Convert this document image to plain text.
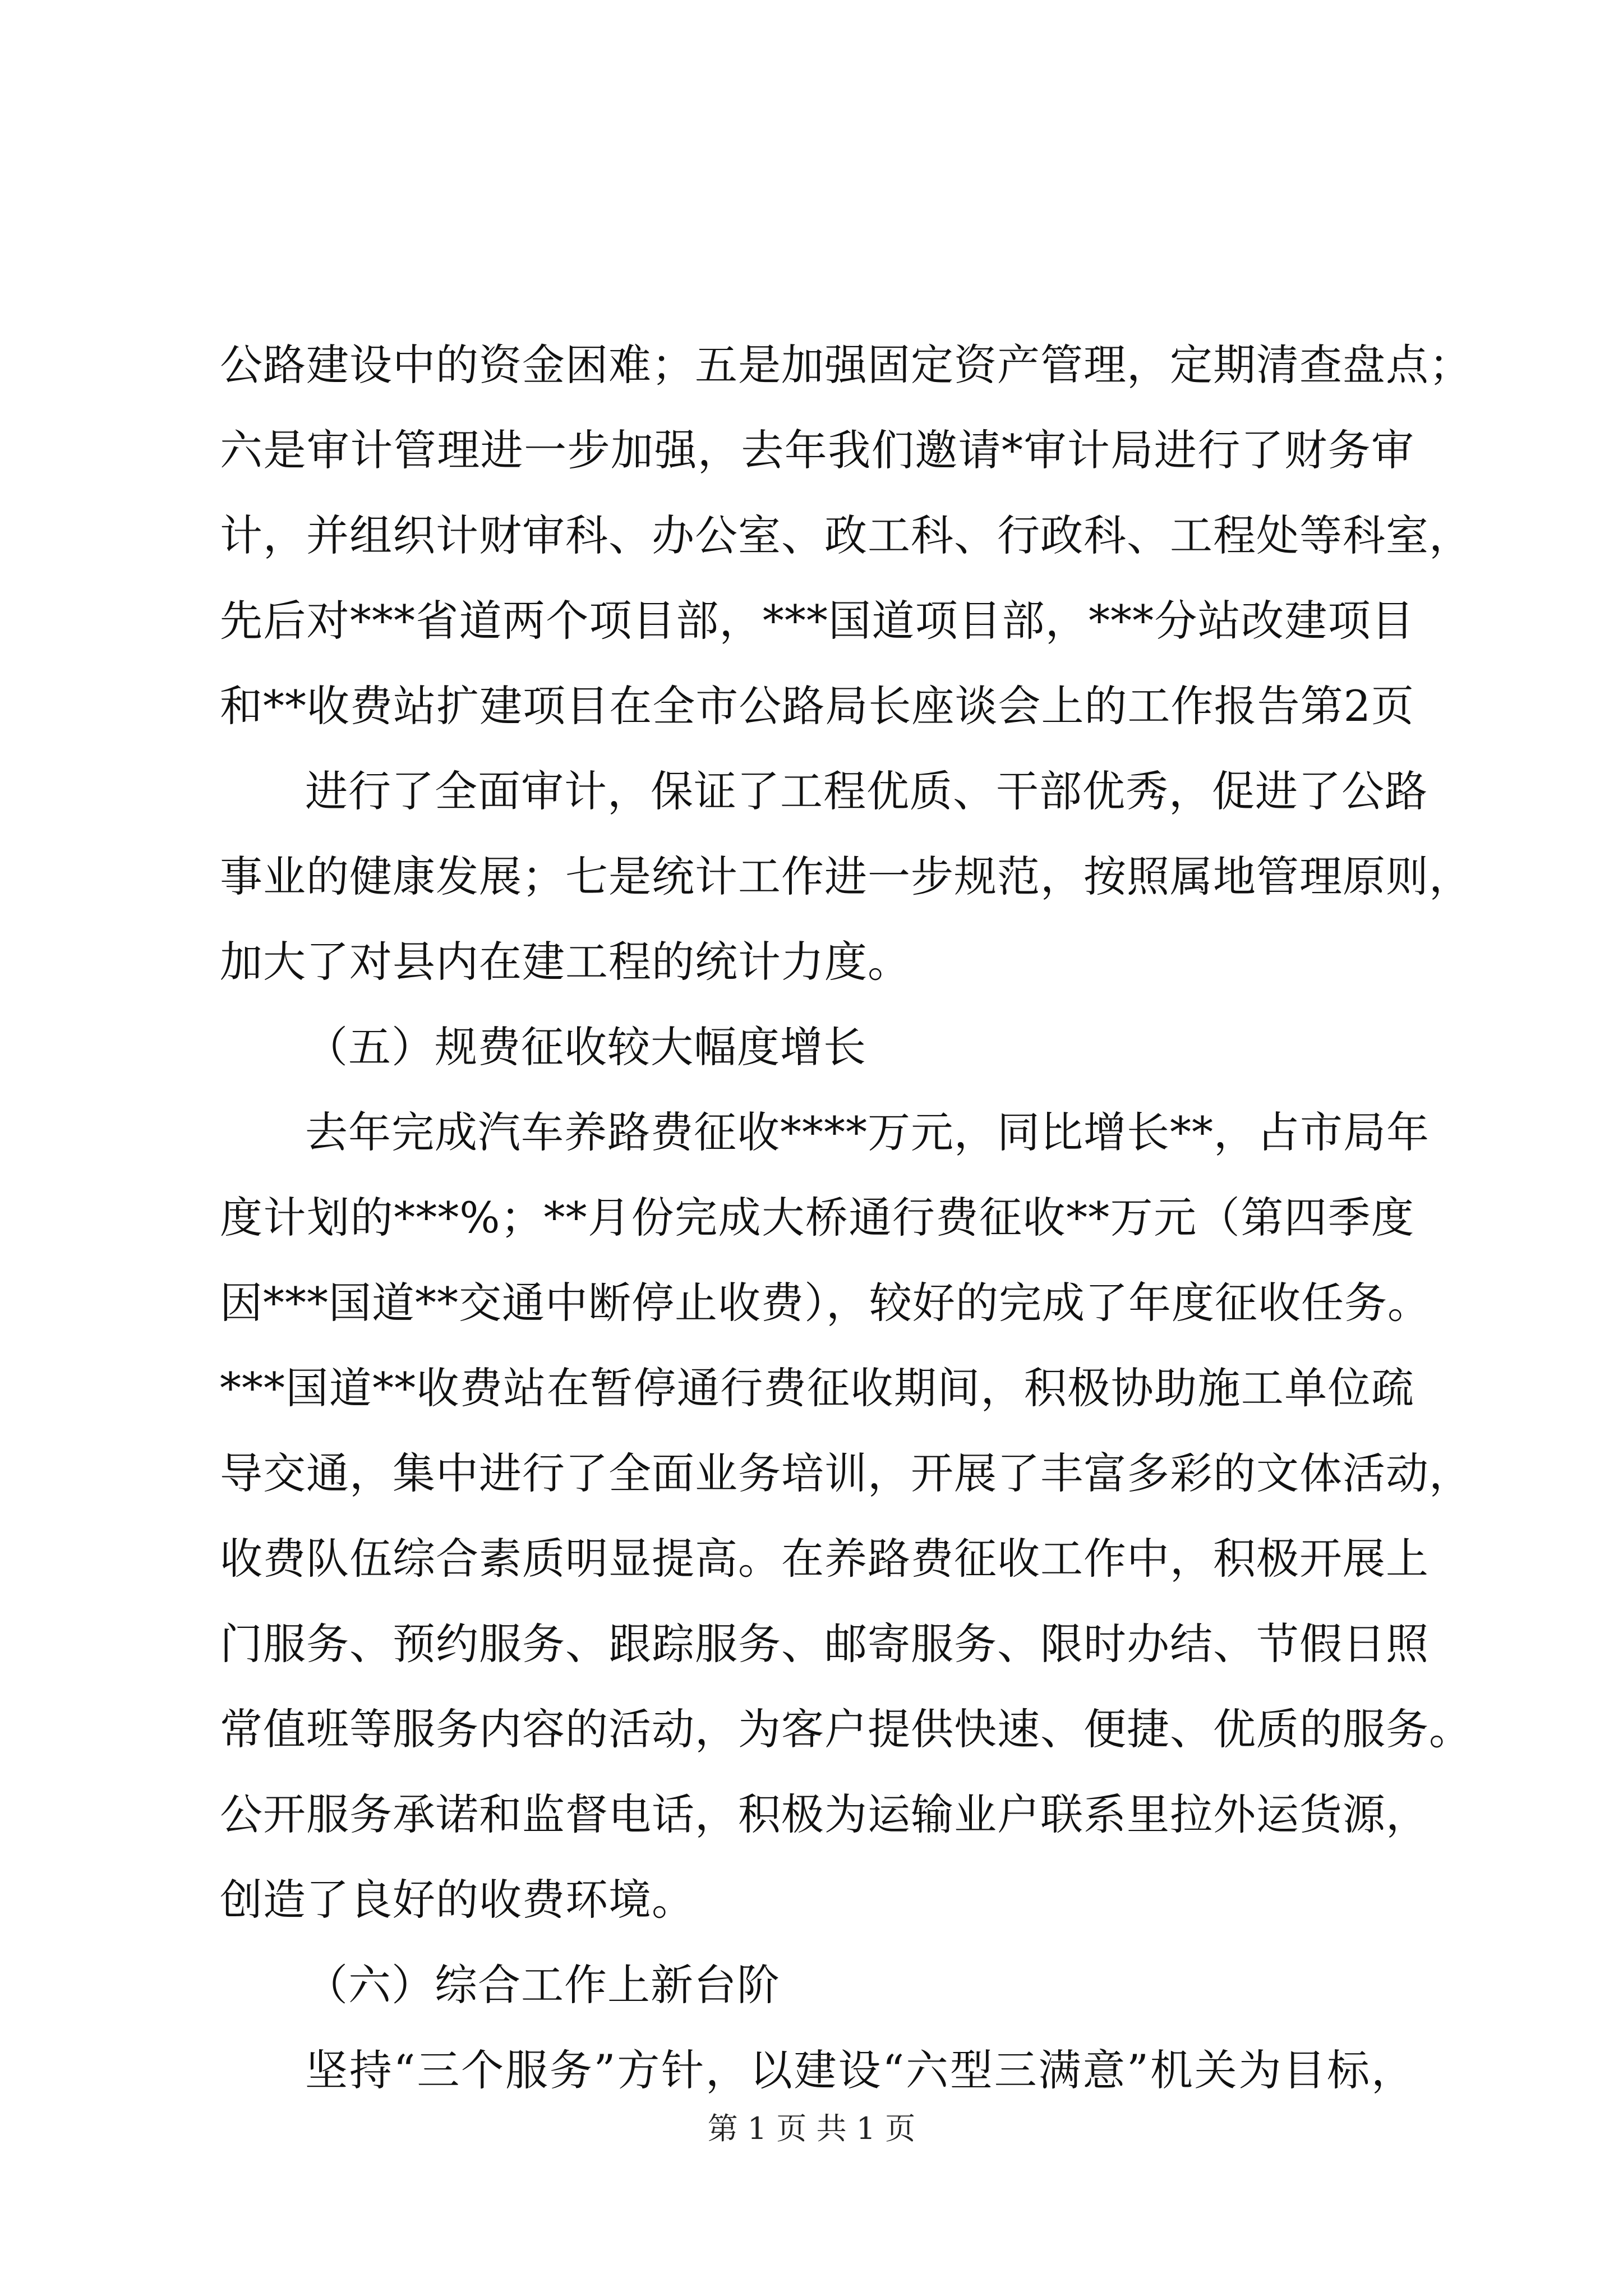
公路建设中的资金困难；五是加强固定资产管理，定期清查盘点；
六是审计管理进一步加强，去年我们邀请*审计局进行了财务审
计，并组织计财审科、办公室、政工科、行政科、工程处等科室，
先后对***省道两个项目部，***国道项目部，***分站改建项目
和**收费站扩建项目在全市公路局长座谈会上的工作报告第2页
进行了全面审计，保证了工程优质、干部优秀，促进了公路
事业的健康发展；七是统计工作进一步规范，按照属地管理原则，
加大了对县内在建工程的统计力度。
（五）规费征收较大幅度增长
去年完成汽车养路费征收****万元，同比增长**，占市局年
度计划的***%；**月份完成大桥通行费征收**万元（第四季度
因***国道**交通中断停止收费），较好的完成了年度征收任务。
***国道**收费站在暂停通行费征收期间，积极协助施工单位疏
导交通，集中进行了全面业务培训，开展了丰富多彩的文体活动，
收费队伍综合素质明显提高。在养路费征收工作中，积极开展上
门服务、预约服务、跟踪服务、邮寄服务、限时办结、节假日照
常值班等服务内容的活动，为客户提供快速、便捷、优质的服务。
公开服务承诺和监督电话，积极为运输业户联系里拉外运货源，
创造了良好的收费环境。
（六）综合工作上新台阶
坚持“三个服务”方针，以建设“六型三满意”机关为目标，
第 1 页 共 1 页
